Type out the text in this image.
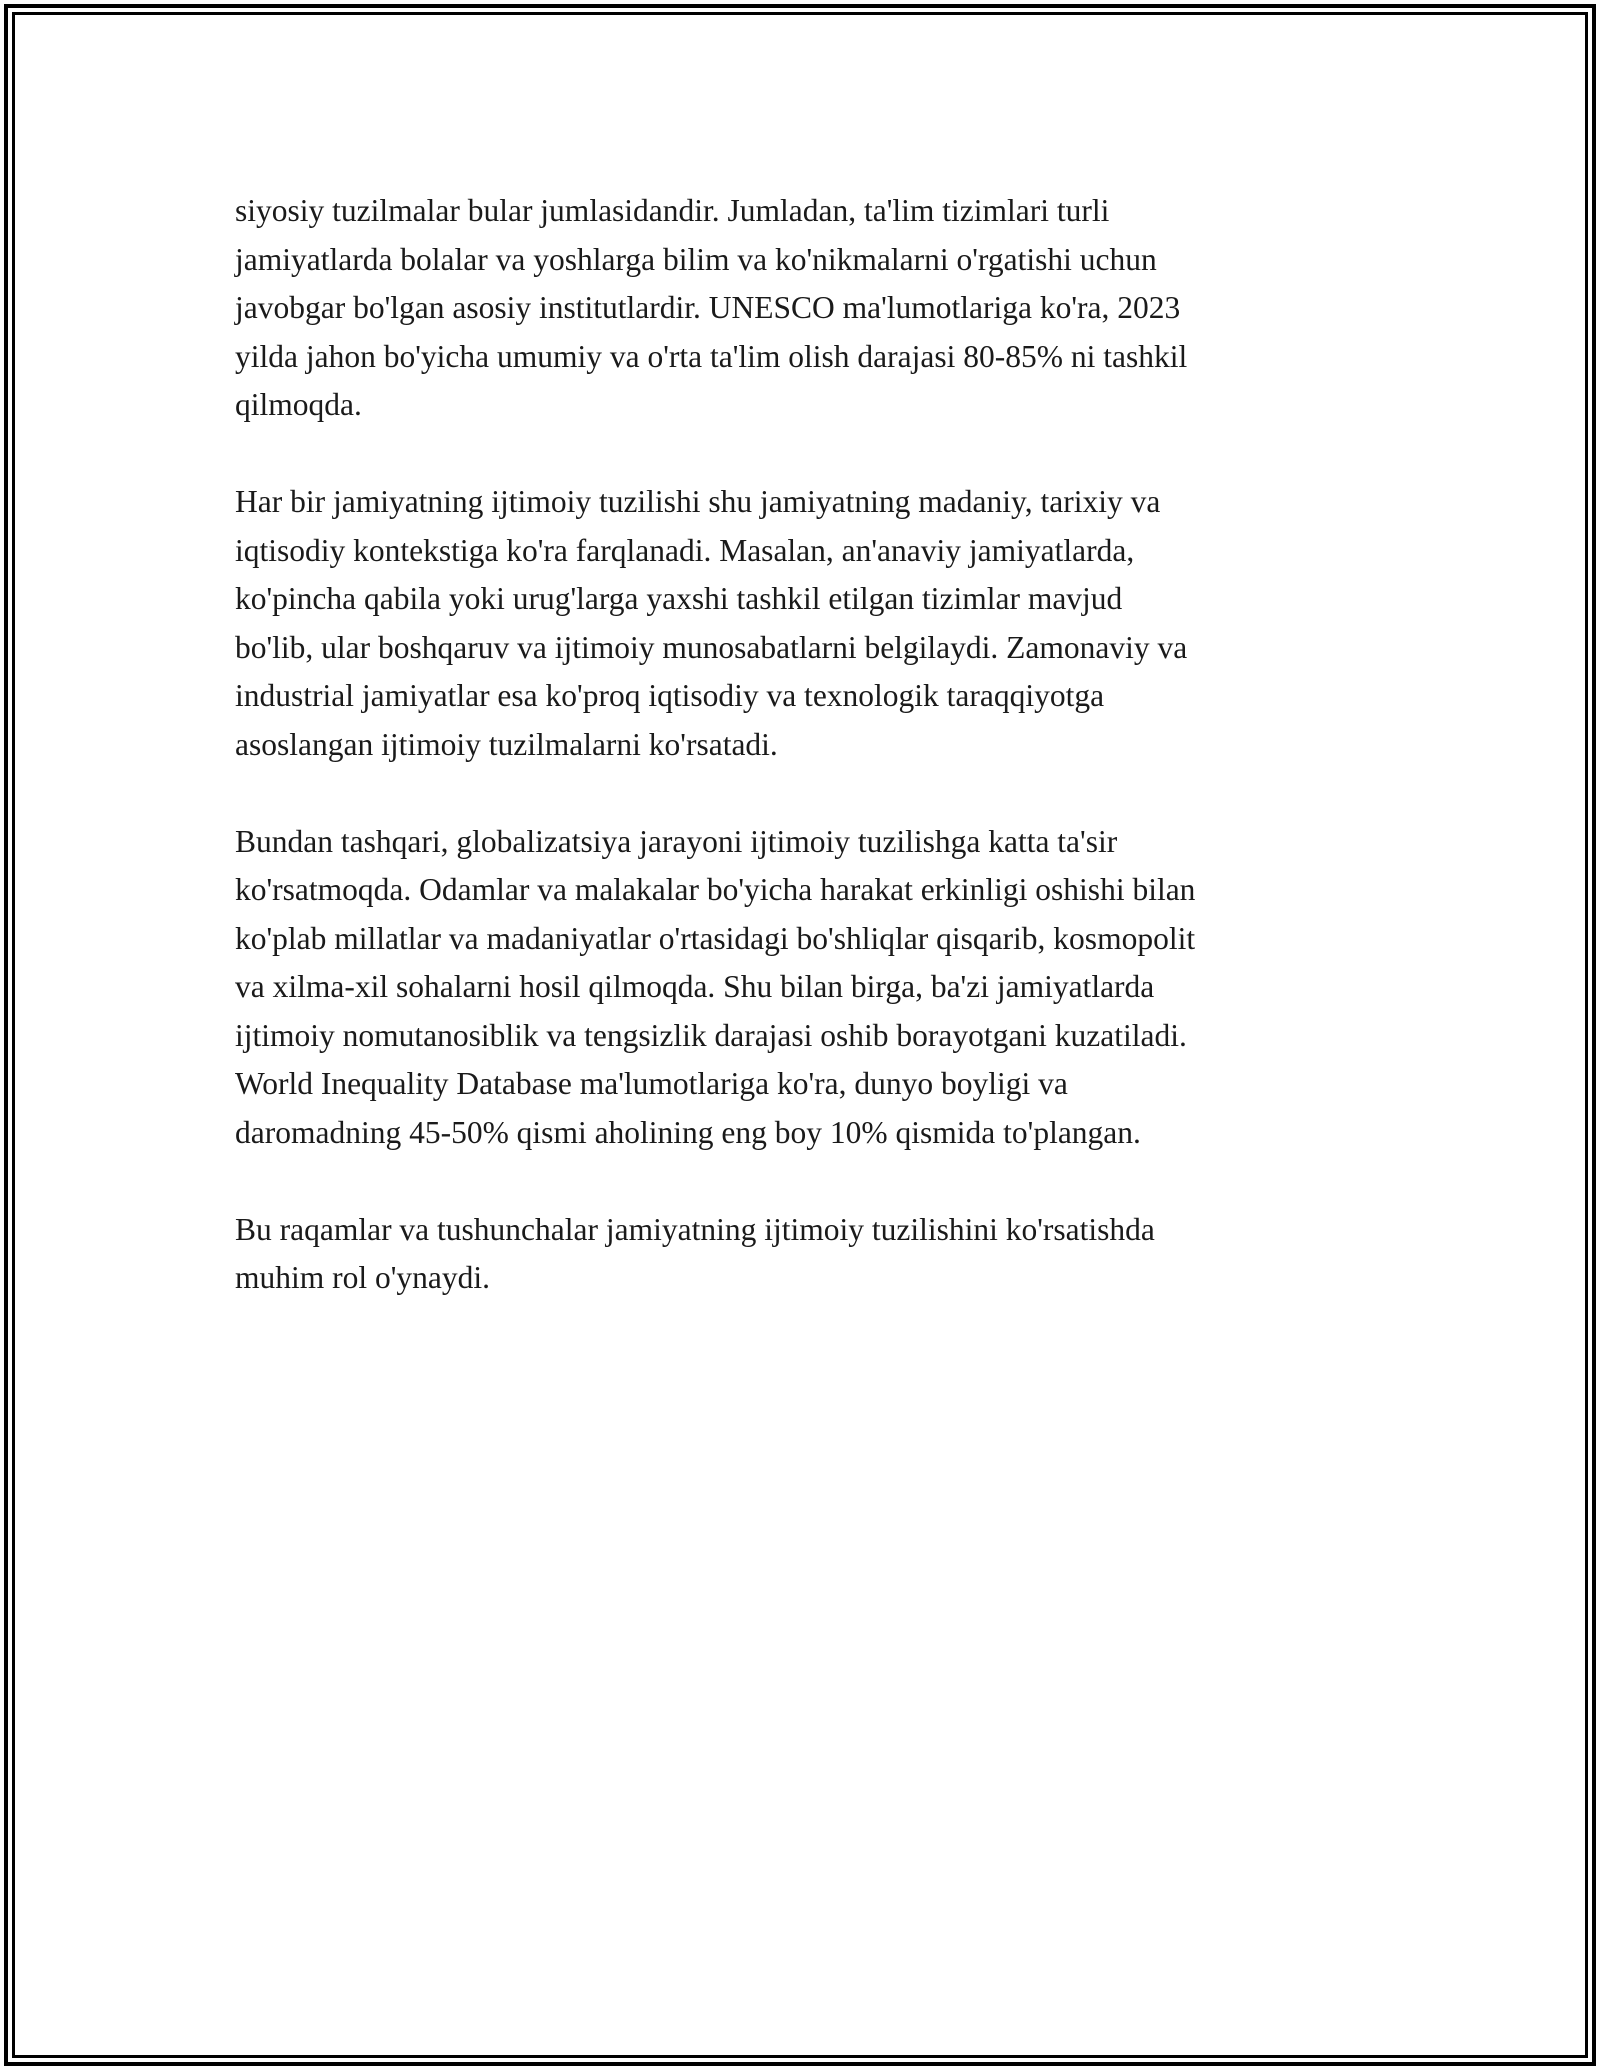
siyosiy tuzilmalar bular jumlasidandir. Jumladan, ta'lim tizimlari turli
jamiyatlarda bolalar va yoshlarga bilim va ko'nikmalarni o'rgatishi uchun
javobgar bo'lgan asosiy institutlardir. UNESCO ma'lumotlariga ko'ra, 2023
yilda jahon bo'yicha umumiy va o'rta ta'lim olish darajasi 80-85% ni tashkil
qilmoqda.

Har bir jamiyatning ijtimoiy tuzilishi shu jamiyatning madaniy, tarixiy va
iqtisodiy kontekstiga ko'ra farqlanadi. Masalan, an'anaviy jamiyatlarda,
ko'pincha qabila yoki urug'larga yaxshi tashkil etilgan tizimlar mavjud
bo'lib, ular boshqaruv va ijtimoiy munosabatlarni belgilaydi. Zamonaviy va
industrial jamiyatlar esa ko'proq iqtisodiy va texnologik taraqqiyotga
asoslangan ijtimoiy tuzilmalarni ko'rsatadi.

Bundan tashqari, globalizatsiya jarayoni ijtimoiy tuzilishga katta ta'sir
ko'rsatmoqda. Odamlar va malakalar bo'yicha harakat erkinligi oshishi bilan
ko'plab millatlar va madaniyatlar o'rtasidagi bo'shliqlar qisqarib, kosmopolit
va xilma-xil sohalarni hosil qilmoqda. Shu bilan birga, ba'zi jamiyatlarda
ijtimoiy nomutanosiblik va tengsizlik darajasi oshib borayotgani kuzatiladi.
World Inequality Database ma'lumotlariga ko'ra, dunyo boyligi va
daromadning 45-50% qismi aholining eng boy 10% qismida to'plangan.

Bu raqamlar va tushunchalar jamiyatning ijtimoiy tuzilishini ko'rsatishda
muhim rol o'ynaydi.
